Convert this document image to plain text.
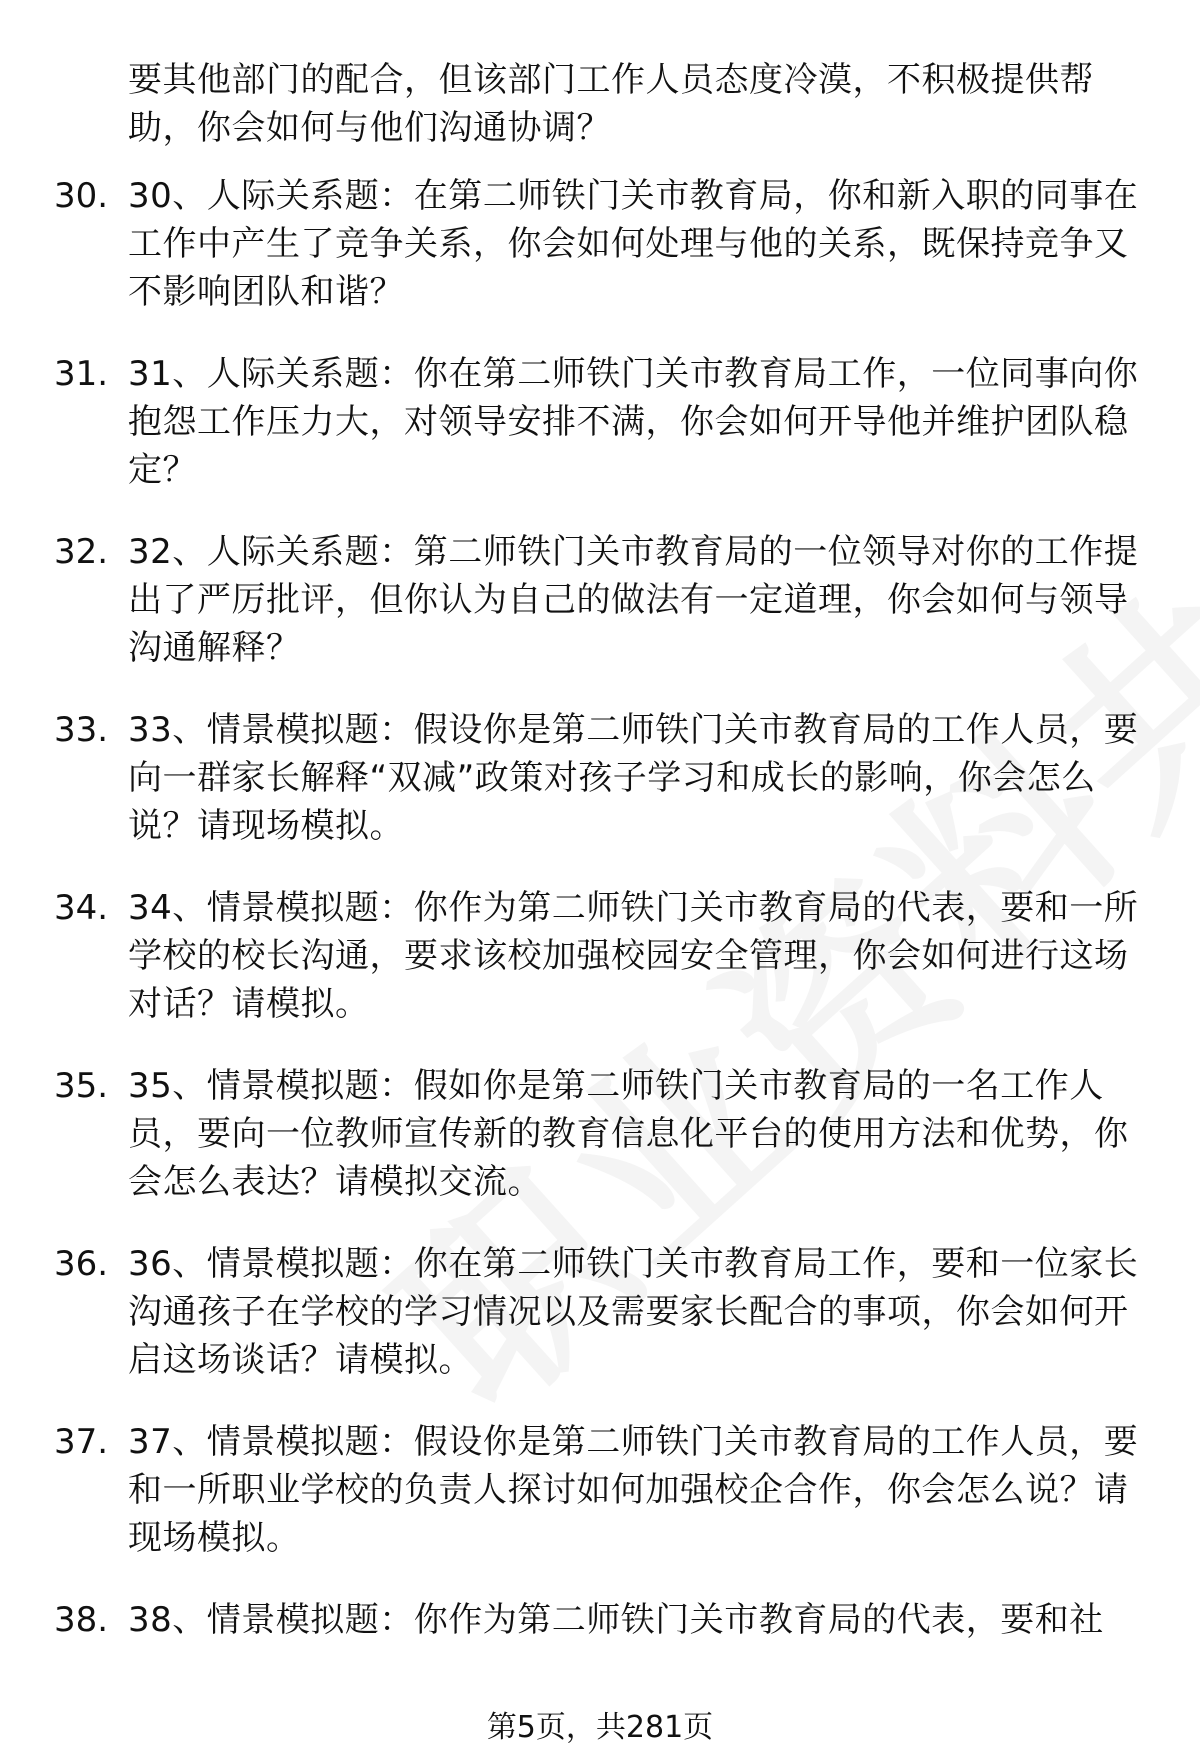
要其他部门的配合，但该部门工作人员态度冷漠，不积极提供帮助，你会如何与他们沟通协调？
30. 30、人际关系题：在第二师铁门关市教育局，你和新入职的同事在工作中产生了竞争关系，你会如何处理与他的关系，既保持竞争又不影响团队和谐？
31. 31、人际关系题：你在第二师铁门关市教育局工作，一位同事向你抱怨工作压力大，对领导安排不满，你会如何开导他并维护团队稳定？
32. 32、人际关系题：第二师铁门关市教育局的一位领导对你的工作提出了严厉批评，但你认为自己的做法有一定道理，你会如何与领导沟通解释？
33. 33、情景模拟题：假设你是第二师铁门关市教育局的工作人员，要向一群家长解释“双减”政策对孩子学习和成长的影响，你会怎么说？请现场模拟。
34. 34、情景模拟题：你作为第二师铁门关市教育局的代表，要和一所学校的校长沟通，要求该校加强校园安全管理，你会如何进行这场对话？请模拟。
35. 35、情景模拟题：假如你是第二师铁门关市教育局的一名工作人员，要向一位教师宣传新的教育信息化平台的使用方法和优势，你会怎么表达？请模拟交流。
36. 36、情景模拟题：你在第二师铁门关市教育局工作，要和一位家长沟通孩子在学校的学习情况以及需要家长配合的事项，你会如何开启这场谈话？请模拟。
37. 37、情景模拟题：假设你是第二师铁门关市教育局的工作人员，要和一所职业学校的负责人探讨如何加强校企合作，你会怎么说？请现场模拟。
38. 38、情景模拟题：你作为第二师铁门关市教育局的代表，要和社
第5页，共281页
